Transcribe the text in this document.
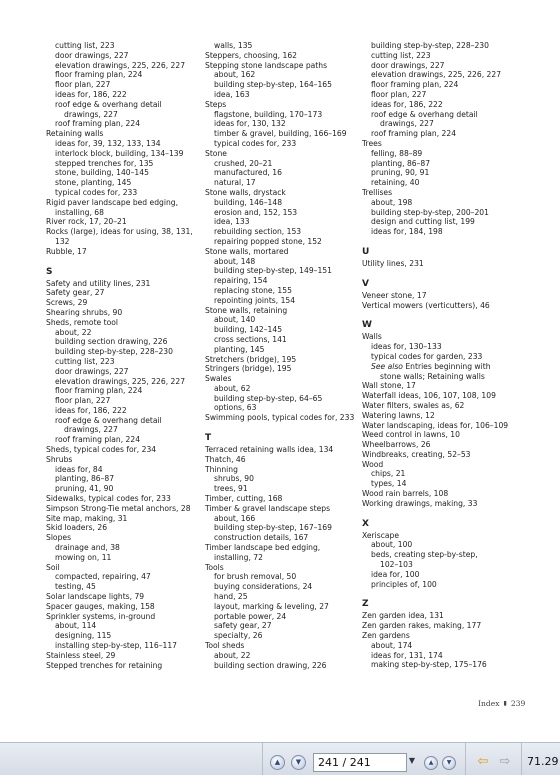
cutting list, 223
door drawings, 227
elevation drawings, 225, 226, 227
floor framing plan, 224
floor plan, 227
ideas for, 186, 222
roof edge & overhang detail
drawings, 227
roof framing plan, 224
Retaining walls
ideas for, 39, 132, 133, 134
interlock block, building, 134–139
stepped trenches for, 135
stone, building, 140–145
stone, planting, 145
typical codes for, 233
Rigid paver landscape bed edging,
installing, 68
River rock, 17, 20–21
Rocks (large), ideas for using, 38, 131,
132
Rubble, 17
S
Safety and utility lines, 231
Safety gear, 27
Screws, 29
Shearing shrubs, 90
Sheds, remote tool
about, 22
building section drawing, 226
building step-by-step, 228–230
cutting list, 223
door drawings, 227
elevation drawings, 225, 226, 227
floor framing plan, 224
floor plan, 227
ideas for, 186, 222
roof edge & overhang detail
drawings, 227
roof framing plan, 224
Sheds, typical codes for, 234
Shrubs
ideas for, 84
planting, 86–87
pruning, 41, 90
Sidewalks, typical codes for, 233
Simpson Strong-Tie metal anchors, 28
Site map, making, 31
Skid loaders, 26
Slopes
drainage and, 38
mowing on, 11
Soil
compacted, repairing, 47
testing, 45
Solar landscape lights, 79
Spacer gauges, making, 158
Sprinkler systems, in-ground
about, 114
designing, 115
installing step-by-step, 116–117
Stainless steel, 29
Stepped trenches for retaining
walls, 135
Steppers, choosing, 162
Stepping stone landscape paths
about, 162
building step-by-step, 164–165
idea, 163
Steps
flagstone, building, 170–173
ideas for, 130, 132
timber & gravel, building, 166–169
typical codes for, 233
Stone
crushed, 20–21
manufactured, 16
natural, 17
Stone walls, drystack
building, 146–148
erosion and, 152, 153
idea, 133
rebuilding section, 153
repairing popped stone, 152
Stone walls, mortared
about, 148
building step-by-step, 149–151
repairing, 154
replacing stone, 155
repointing joints, 154
Stone walls, retaining
about, 140
building, 142–145
cross sections, 141
planting, 145
Stretchers (bridge), 195
Stringers (bridge), 195
Swales
about, 62
building step-by-step, 64–65
options, 63
Swimming pools, typical codes for, 233
T
Terraced retaining walls idea, 134
Thatch, 46
Thinning
shrubs, 90
trees, 91
Timber, cutting, 168
Timber & gravel landscape steps
about, 166
building step-by-step, 167–169
construction details, 167
Timber landscape bed edging,
installing, 72
Tools
for brush removal, 50
buying considerations, 24
hand, 25
layout, marking & leveling, 27
portable power, 24
safety gear, 27
specialty, 26
Tool sheds
about, 22
building section drawing, 226
building step-by-step, 228–230
cutting list, 223
door drawings, 227
elevation drawings, 225, 226, 227
floor framing plan, 224
floor plan, 227
ideas for, 186, 222
roof edge & overhang detail
drawings, 227
roof framing plan, 224
Trees
felling, 88–89
planting, 86–87
pruning, 90, 91
retaining, 40
Trellises
about, 198
building step-by-step, 200–201
design and cutting list, 199
ideas for, 184, 198
U
Utility lines, 231
V
Veneer stone, 17
Vertical mowers (verticutters), 46
W
Walls
ideas for, 130–133
typical codes for garden, 233
See also Entries beginning with
stone walls; Retaining walls
Wall stone, 17
Waterfall ideas, 106, 107, 108, 109
Water filters, swales as, 62
Watering lawns, 12
Water landscaping, ideas for, 106–109
Weed control in lawns, 10
Wheelbarrows, 26
Windbreaks, creating, 52–53
Wood
chips, 21
types, 14
Wood rain barrels, 108
Working drawings, making, 33
X
Xeriscape
about, 100
beds, creating step-by-step,
102–103
idea for, 100
principles of, 100
Z
Zen garden idea, 131
Zen garden rakes, making, 177
Zen gardens
about, 174
ideas for, 131, 174
making step-by-step, 175–176
Index ▮ 239
▲	▼	241 / 241	▼	▲	▼	⇦ ⇨ 71.29
